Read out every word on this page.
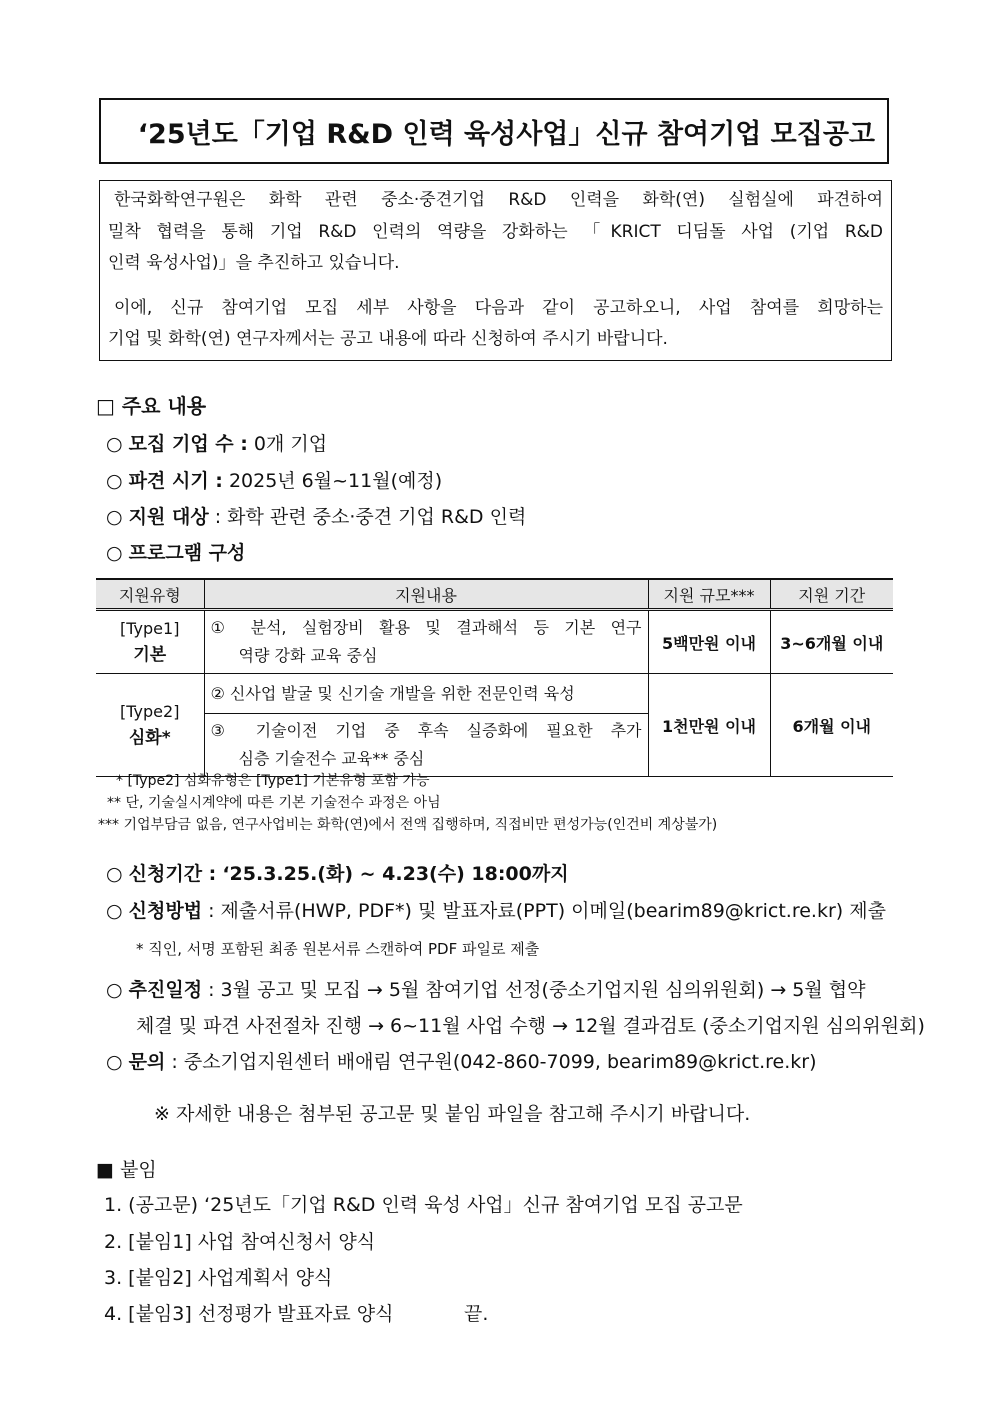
‘25년도「기업 R&D 인력 육성사업」신규 참여기업 모집공고
한국화학연구원은 화학 관련 중소·중견기업 R&D 인력을 화학(연) 실험실에 파견하여
밀착 협력을 통해 기업 R&D 인력의 역량을 강화하는 「KRICT 디딤돌 사업 (기업 R&D
인력 육성사업)」을 추진하고 있습니다.
이에, 신규 참여기업 모집 세부 사항을 다음과 같이 공고하오니, 사업 참여를 희망하는
기업 및 화학(연) 연구자께서는 공고 내용에 따라 신청하여 주시기 바랍니다.
□ 주요 내용
○ 모집 기업 수 : 0개 기업
○ 파견 시기 : 2025년 6월~11월(예정)
○ 지원 대상 : 화학 관련 중소·중견 기업 R&D 인력
○ 프로그램 구성
지원유형	지원내용	지원 규모***	지원 기간

[Type1]
기본	① 분석, 실험장비 활용 및 결과해석 등 기본 연구
역량 강화 교육 중심	5백만원 이내	3~6개월 이내

[Type2]
심화*	② 신사업 발굴 및 신기술 개발을 위한 전문인력 육성	1천만원 이내	6개월 이내

	③ 기술이전 기업 중 후속 실증화에 필요한 추가
심층 기술전수 교육** 중심		
* [Type2] 심화유형은 [Type1] 기본유형 포함 가능
** 단, 기술실시계약에 따른 기본 기술전수 과정은 아님
*** 기업부담금 없음, 연구사업비는 화학(연)에서 전액 집행하며, 직접비만 편성가능(인건비 계상불가)
○ 신청기간 : ‘25.3.25.(화) ~ 4.23(수) 18:00까지
○ 신청방법 : 제출서류(HWP, PDF*) 및 발표자료(PPT) 이메일(bearim89@krict.re.kr) 제출
* 직인, 서명 포함된 최종 원본서류 스캔하여 PDF 파일로 제출
○ 추진일정 : 3월 공고 및 모집 → 5월 참여기업 선정(중소기업지원 심의위원회) → 5월 협약
체결 및 파견 사전절차 진행 → 6~11월 사업 수행 → 12월 결과검토 (중소기업지원 심의위원회)
○ 문의 : 중소기업지원센터 배애림 연구원(042-860-7099, bearim89@krict.re.kr)
※ 자세한 내용은 첨부된 공고문 및 붙임 파일을 참고해 주시기 바랍니다.
■ 붙임
1. (공고문) ‘25년도「기업 R&D 인력 육성 사업」신규 참여기업 모집 공고문
2. [붙임1] 사업 참여신청서 양식
3. [붙임2] 사업계획서 양식
4. [붙임3] 선정평가 발표자료 양식	끝.
